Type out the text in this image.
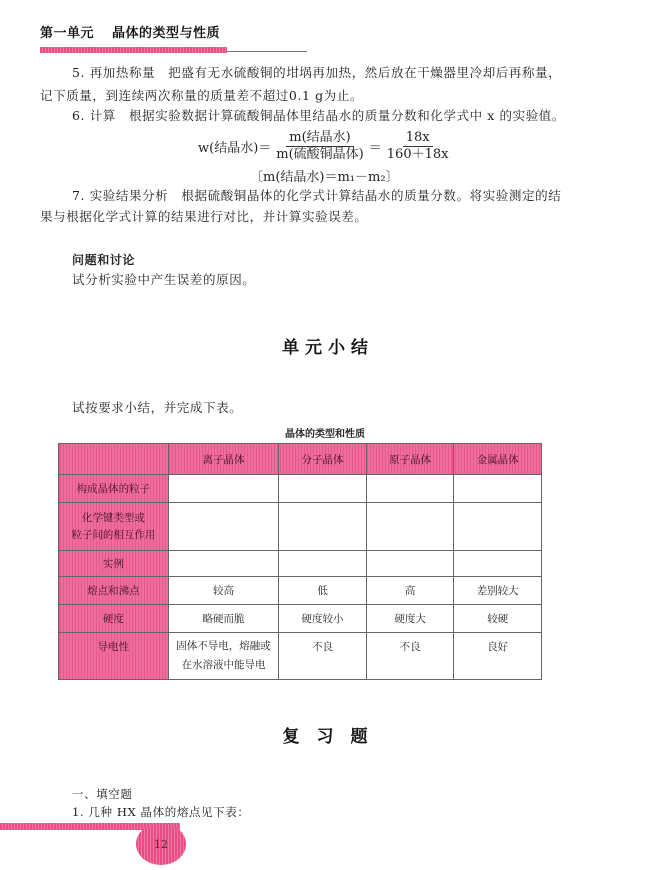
第一单元 晶体的类型与性质
5. 再加热称量　把盛有无水硫酸铜的坩埚再加热，然后放在干燥器里冷却后再称量，
记下质量，到连续两次称量的质量差不超过0.1 g为止。
6. 计算　根据实验数据计算硫酸铜晶体里结晶水的质量分数和化学式中 x 的实验值。
w(结晶水)＝ $\frac{\text{m(结晶水)}}{\text{m(硫酸铜晶体)}} = \frac{18x}{160+18x}$
〔m(结晶水)＝m₁－m₂〕
7. 实验结果分析　根据硫酸铜晶体的化学式计算结晶水的质量分数。将实验测定的结
果与根据化学式计算的结果进行对比，并计算实验误差。
问题和讨论
试分析实验中产生误差的原因。
单 元 小 结
试按要求小结，并完成下表。
晶体的类型和性质
	离子晶体	分子晶体	原子晶体	金属晶体
构成晶体的粒子				

化学键类型或
粒子间的相互作用				

实例				
熔点和沸点	较高	低	高	差别较大
硬度	略硬而脆	硬度较小	硬度大	较硬
导电性	固体不导电，熔融或
在水溶液中能导电	不良	不良	良好
复　习　题
一、填空题
1. 几种 HX 晶体的熔点见下表：
12
